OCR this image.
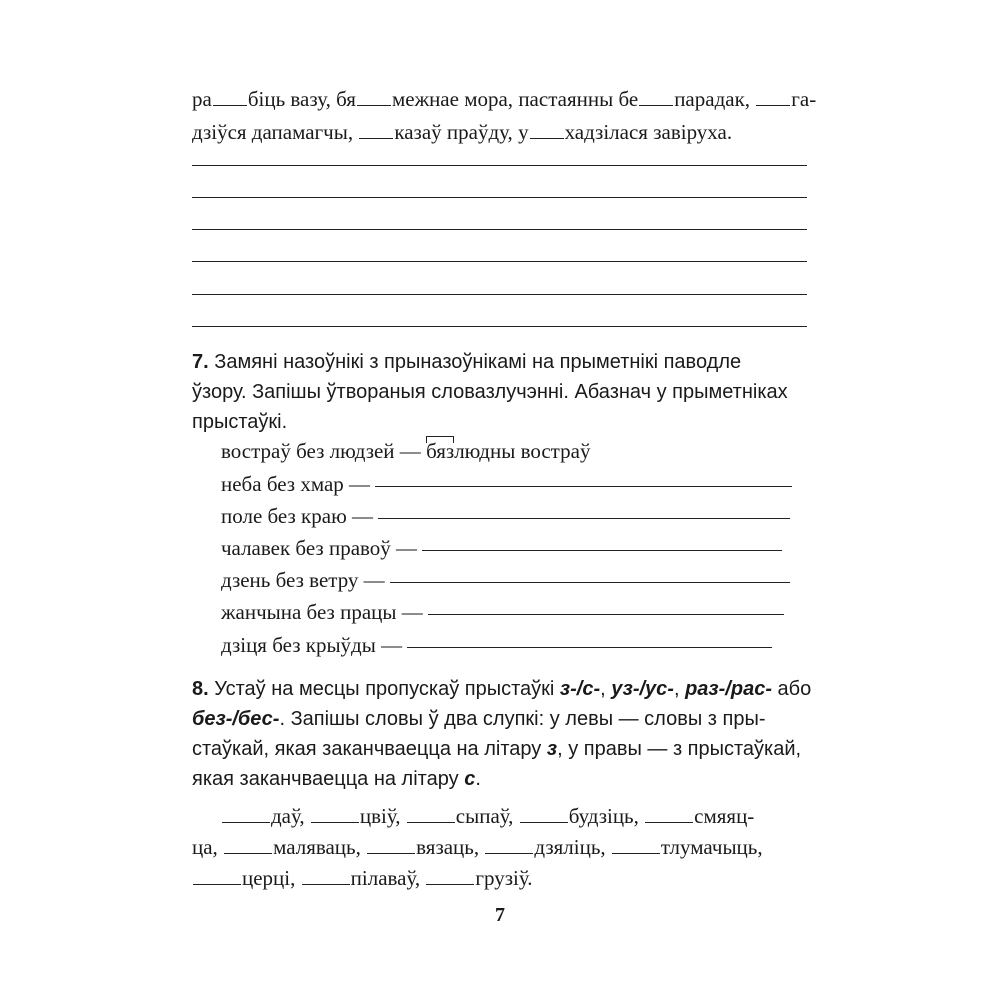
ра біць вазу, бя межнае мора, пастаянны бе парадак, га-
дзіўся дапамагчы, казаў праўду, у хадзілася завіруха.
7. Замяні назоўнікі з прыназоўнікамі на прыметнікі паводле
ўзору. Запішы ўтвораныя словазлучэнні. Абазнач у прыметніках
прыстаўкі.
востраў без людзей — бязлюдны востраў
неба без хмар —
поле без краю —
чалавек без правоў —
дзень без ветру —
жанчына без працы —
дзіця без крыўды —
8. Устаў на месцы пропускаў прыстаўкі з-/с-, уз-/ус-, раз-/рас- або
без-/бес-. Запішы словы ў два слупкі: у левы — словы з пры-
стаўкай, якая заканчваецца на літару з, у правы — з прыстаўкай,
якая заканчваецца на літару с.
даў,	цвіў,	сыпаў,	будзіць,	смяяц-
ца,	маляваць,	вязаць,	дзяліць,	тлумачыць,
церці,	пілаваў,	грузіў.
7
